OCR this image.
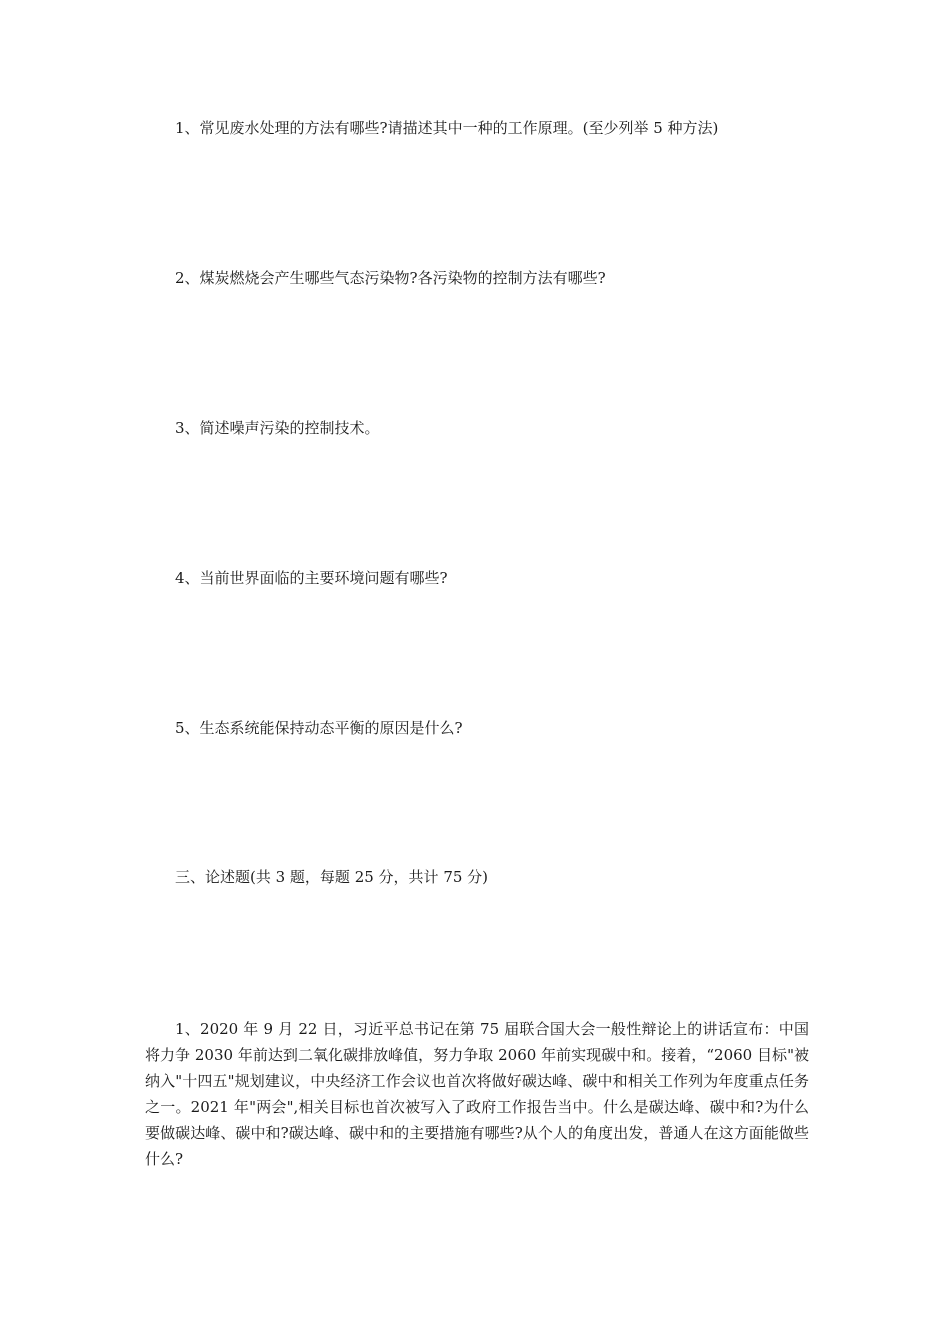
1、常见废水处理的方法有哪些?请描述其中一种的工作原理。(至少列举 5 种方法)

2、煤炭燃烧会产生哪些气态污染物?各污染物的控制方法有哪些?

3、简述噪声污染的控制技术。

4、当前世界面临的主要环境问题有哪些?

5、生态系统能保持动态平衡的原因是什么?

三、论述题(共 3 题，每题 25 分，共计 75 分)

1、2020 年 9 月 22 日，习近平总书记在第 75 届联合国大会一般性辩论上的讲话宣布：中国将力争 2030 年前达到二氧化碳排放峰值，努力争取 2060 年前实现碳中和。接着，“2060 目标"被纳入"十四五"规划建议，中央经济工作会议也首次将做好碳达峰、碳中和相关工作列为年度重点任务之一。2021 年"两会",相关目标也首次被写入了政府工作报告当中。什么是碳达峰、碳中和?为什么要做碳达峰、碳中和?碳达峰、碳中和的主要措施有哪些?从个人的角度出发，普通人在这方面能做些什么?
